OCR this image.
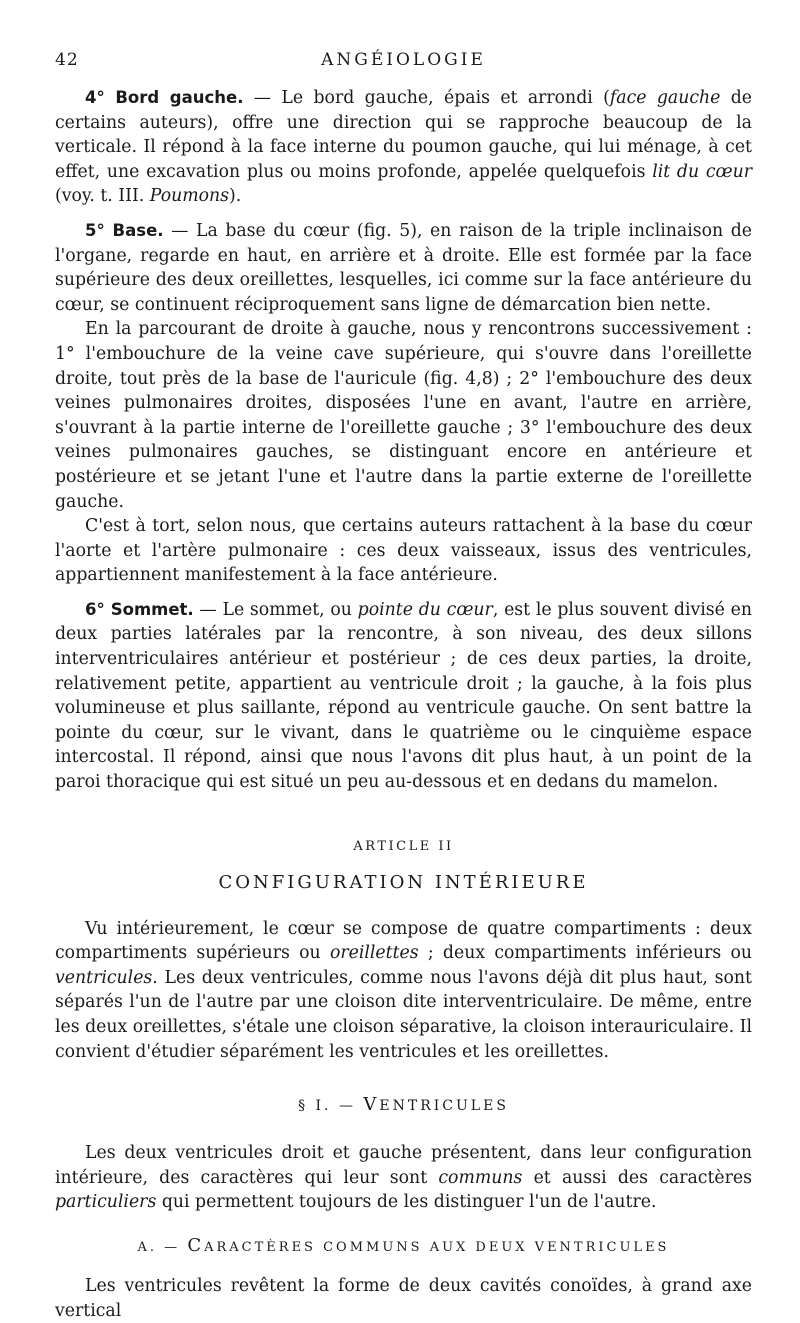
42	ANGÉIOLOGIE

4° Bord gauche. — Le bord gauche, épais et arrondi (face gauche de certains auteurs), offre une direction qui se rapproche beaucoup de la verticale. Il répond à la face interne du poumon gauche, qui lui ménage, à cet effet, une excavation plus ou moins profonde, appelée quelquefois lit du cœur (voy. t. III. Poumons).

5° Base. — La base du cœur (fig. 5), en raison de la triple inclinaison de l'organe, regarde en haut, en arrière et à droite. Elle est formée par la face supérieure des deux oreillettes, lesquelles, ici comme sur la face antérieure du cœur, se continuent réciproquement sans ligne de démarcation bien nette.

En la parcourant de droite à gauche, nous y rencontrons successivement : 1° l'embouchure de la veine cave supérieure, qui s'ouvre dans l'oreillette droite, tout près de la base de l'auricule (fig. 4,8) ; 2° l'embouchure des deux veines pulmonaires droites, disposées l'une en avant, l'autre en arrière, s'ouvrant à la partie interne de l'oreillette gauche ; 3° l'embouchure des deux veines pulmonaires gauches, se distinguant encore en antérieure et postérieure et se jetant l'une et l'autre dans la partie externe de l'oreillette gauche.

C'est à tort, selon nous, que certains auteurs rattachent à la base du cœur l'aorte et l'artère pulmonaire : ces deux vaisseaux, issus des ventricules, appartiennent manifestement à la face antérieure.

6° Sommet. — Le sommet, ou pointe du cœur, est le plus souvent divisé en deux parties latérales par la rencontre, à son niveau, des deux sillons interventriculaires antérieur et postérieur ; de ces deux parties, la droite, relativement petite, appartient au ventricule droit ; la gauche, à la fois plus volumineuse et plus saillante, répond au ventricule gauche. On sent battre la pointe du cœur, sur le vivant, dans le quatrième ou le cinquième espace intercostal. Il répond, ainsi que nous l'avons dit plus haut, à un point de la paroi thoracique qui est situé un peu au-dessous et en dedans du mamelon.

ARTICLE II
CONFIGURATION INTÉRIEURE

Vu intérieurement, le cœur se compose de quatre compartiments : deux compartiments supérieurs ou oreillettes ; deux compartiments inférieurs ou ventricules. Les deux ventricules, comme nous l'avons déjà dit plus haut, sont séparés l'un de l'autre par une cloison dite interventriculaire. De même, entre les deux oreillettes, s'étale une cloison séparative, la cloison interauriculaire. Il convient d'étudier séparément les ventricules et les oreillettes.

§ I. — VENTRICULES

Les deux ventricules droit et gauche présentent, dans leur configuration intérieure, des caractères qui leur sont communs et aussi des caractères particuliers qui permettent toujours de les distinguer l'un de l'autre.

A. — CARACTÈRES COMMUNS AUX DEUX VENTRICULES

Les ventricules revêtent la forme de deux cavités conoïdes, à grand axe vertical
